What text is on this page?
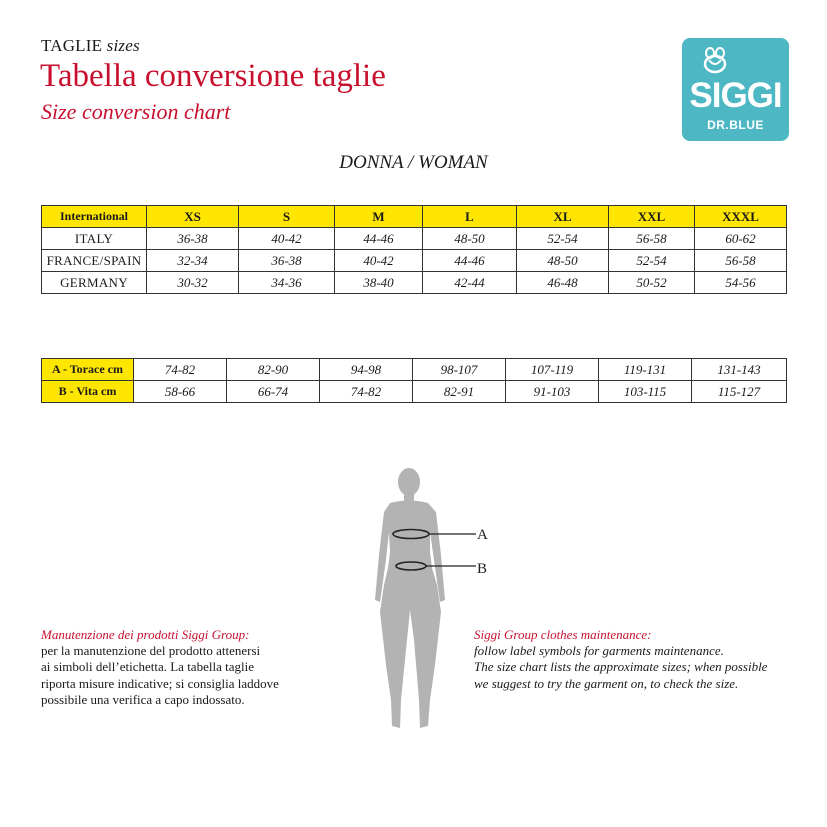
TAGLIE sizes
Tabella conversione taglie
Size conversion chart	SIGGI
DR.BLUE
DONNA / WOMAN
International	XS	S	M	L	XL	XXL	XXXL
ITALY	36-38	40-42	44-46	48-50	52-54	56-58	60-62
FRANCE/SPAIN	32-34	36-38	40-42	44-46	48-50	52-54	56-58
GERMANY	30-32	34-36	38-40	42-44	46-48	50-52	54-56
A - Torace cm	74-82	82-90	94-98	98-107	107-119	119-131	131-143
B - Vita cm	58-66	66-74	74-82	82-91	91-103	103-115	115-127
A
B
Manutenzione dei prodotti Siggi Group:
per la manutenzione del prodotto attenersi
ai simboli dell’etichetta. La tabella taglie
riporta misure indicative; si consiglia laddove
possibile una verifica a capo indossato.
Siggi Group clothes maintenance:
follow label symbols for garments maintenance.
The size chart lists the approximate sizes; when possible
we suggest to try the garment on, to check the size.
